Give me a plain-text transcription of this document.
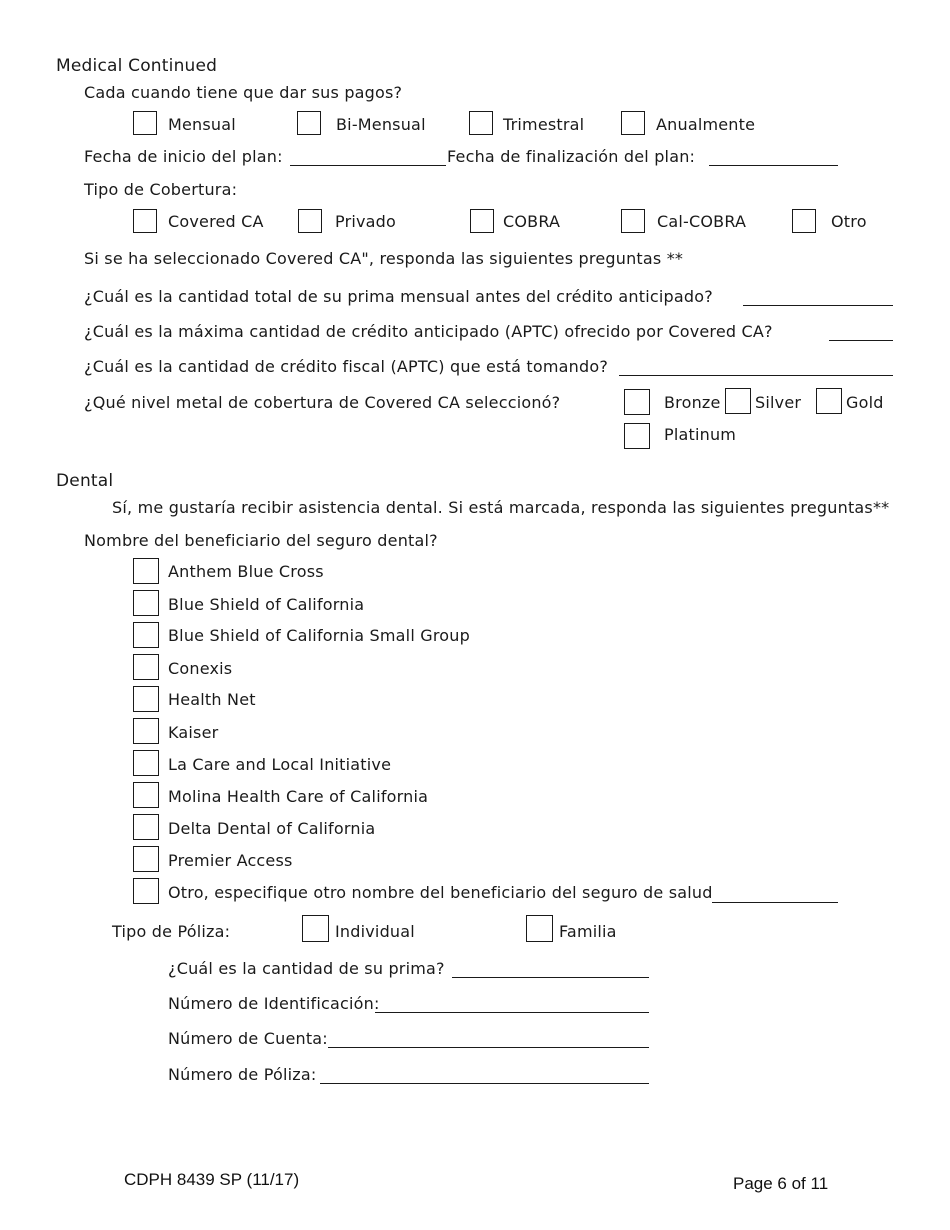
Medical Continued
Cada cuando tiene que dar sus pagos?
Mensual	Bi-Mensual	Trimestral	Anualmente
Fecha de inicio del plan:	Fecha de finalización del plan:
Tipo de Cobertura:
Covered CA	Privado	COBRA	Cal-COBRA	Otro
Si se ha seleccionado Covered CA", responda las siguientes preguntas **
¿Cuál es la cantidad total de su prima mensual antes del crédito anticipado?
¿Cuál es la máxima cantidad de crédito anticipado (APTC) ofrecido por Covered CA?
¿Cuál es la cantidad de crédito fiscal (APTC) que está tomando?
¿Qué nivel metal de cobertura de Covered CA seleccionó?	Bronze Silver	Gold
Platinum
Dental
Sí, me gustaría recibir asistencia dental. Si está marcada, responda las siguientes preguntas**
Nombre del beneficiario del seguro dental?
Anthem Blue Cross
Blue Shield of California
Blue Shield of California Small Group
Conexis
Health Net
Kaiser
La Care and Local Initiative
Molina Health Care of California
Delta Dental of California
Premier Access
Otro, especifique otro nombre del beneficiario del seguro de salud
Tipo de Póliza:	Individual	Familia
¿Cuál es la cantidad de su prima?
Número de Identificación:
Número de Cuenta:
Número de Póliza:
CDPH 8439 SP (11/17)	Page 6 of 11
